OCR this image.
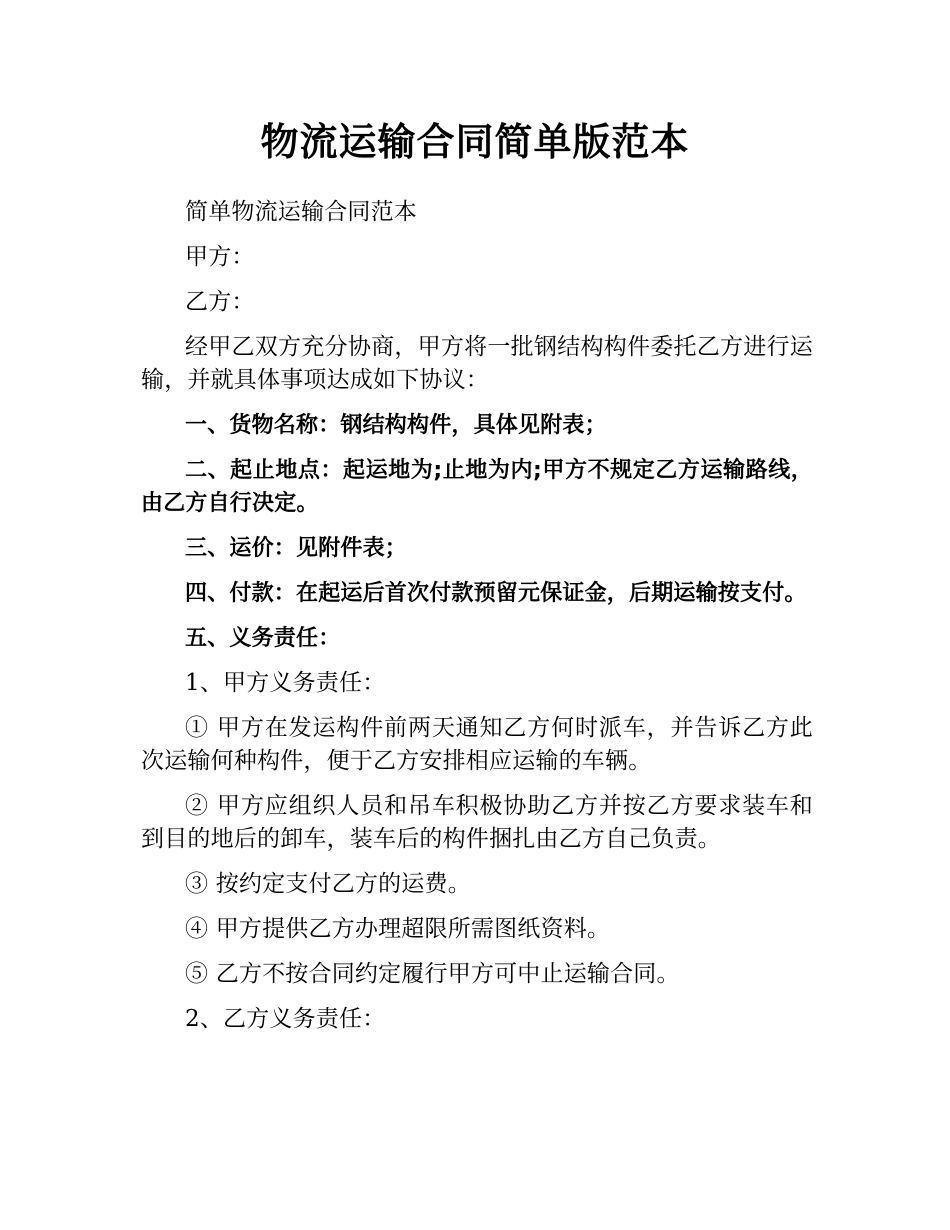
物流运输合同简单版范本

简单物流运输合同范本

甲方：

乙方：

经甲乙双方充分协商，甲方将一批钢结构构件委托乙方进行运输，并就具体事项达成如下协议：

一、货物名称：钢结构构件，具体见附表；

二、起止地点：起运地为;止地为内;甲方不规定乙方运输路线，由乙方自行决定。

三、运价：见附件表；

四、付款：在起运后首次付款预留元保证金，后期运输按支付。

五、义务责任：

1、甲方义务责任：

① 甲方在发运构件前两天通知乙方何时派车，并告诉乙方此次运输何种构件，便于乙方安排相应运输的车辆。

② 甲方应组织人员和吊车积极协助乙方并按乙方要求装车和到目的地后的卸车，装车后的构件捆扎由乙方自己负责。

③ 按约定支付乙方的运费。

④ 甲方提供乙方办理超限所需图纸资料。

⑤ 乙方不按合同约定履行甲方可中止运输合同。

2、乙方义务责任：
